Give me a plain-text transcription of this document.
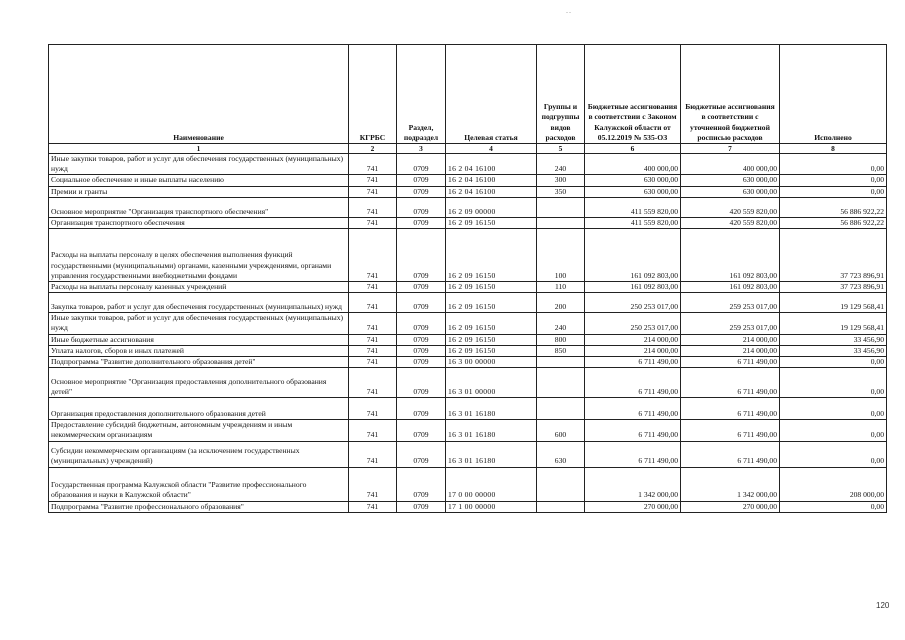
..
Наименование	КГРБС	Раздел, подраздел	Целевая статья	Группы и подгруппы видов расходов	Бюджетные ассигнования в соответствии с Законом Калужской области от 05.12.2019 № 535-ОЗ	Бюджетные ассигнования в соответствии с уточненной бюджетной росписью расходов	Исполнено
1	2	3	4	5	6	7	8
Иные закупки товаров, работ и услуг для обеспечения государственных (муниципальных) нужд	741	0709	16 2 04 16100	240	400 000,00	400 000,00	0,00
Социальное обеспечение и иные выплаты населению	741	0709	16 2 04 16100	300	630 000,00	630 000,00	0,00
Премии и гранты	741	0709	16 2 04 16100	350	630 000,00	630 000,00	0,00
Основное мероприятие "Организация транспортного обеспечения"	741	0709	16 2 09 00000		411 559 820,00	420 559 820,00	56 886 922,22
Организация транспортного обеспечения	741	0709	16 2 09 16150		411 559 820,00	420 559 820,00	56 886 922,22
Расходы на выплаты персоналу в целях обеспечения выполнения функций государственными (муниципальными) органами, казенными учреждениями, органами управления государственными внебюджетными фондами	741	0709	16 2 09 16150	100	161 092 803,00	161 092 803,00	37 723 896,91
Расходы на выплаты персоналу казенных учреждений	741	0709	16 2 09 16150	110	161 092 803,00	161 092 803,00	37 723 896,91
Закупка товаров, работ и услуг для обеспечения государственных (муниципальных) нужд	741	0709	16 2 09 16150	200	250 253 017,00	259 253 017,00	19 129 568,41
Иные закупки товаров, работ и услуг для обеспечения государственных (муниципальных) нужд	741	0709	16 2 09 16150	240	250 253 017,00	259 253 017,00	19 129 568,41
Иные бюджетные ассигнования	741	0709	16 2 09 16150	800	214 000,00	214 000,00	33 456,90
Уплата налогов, сборов и иных платежей	741	0709	16 2 09 16150	850	214 000,00	214 000,00	33 456,90
Подпрограмма "Развитие дополнительного образования детей"	741	0709	16 3 00 00000		6 711 490,00	6 711 490,00	0,00
Основное мероприятие "Организация предоставления дополнительного образования детей"	741	0709	16 3 01 00000		6 711 490,00	6 711 490,00	0,00
Организация предоставления дополнительного образования детей	741	0709	16 3 01 16180		6 711 490,00	6 711 490,00	0,00
Предоставление субсидий бюджетным, автономным учреждениям и иным некоммерческим организациям	741	0709	16 3 01 16180	600	6 711 490,00	6 711 490,00	0,00
Субсидии некоммерческим организациям (за исключением государственных (муниципальных) учреждений)	741	0709	16 3 01 16180	630	6 711 490,00	6 711 490,00	0,00
Государственная программа Калужской области "Развитие профессионального образования и науки в Калужской области"	741	0709	17 0 00 00000		1 342 000,00	1 342 000,00	208 000,00
Подпрограмма "Развитие профессионального образования"	741	0709	17 1 00 00000		270 000,00	270 000,00	0,00
120
